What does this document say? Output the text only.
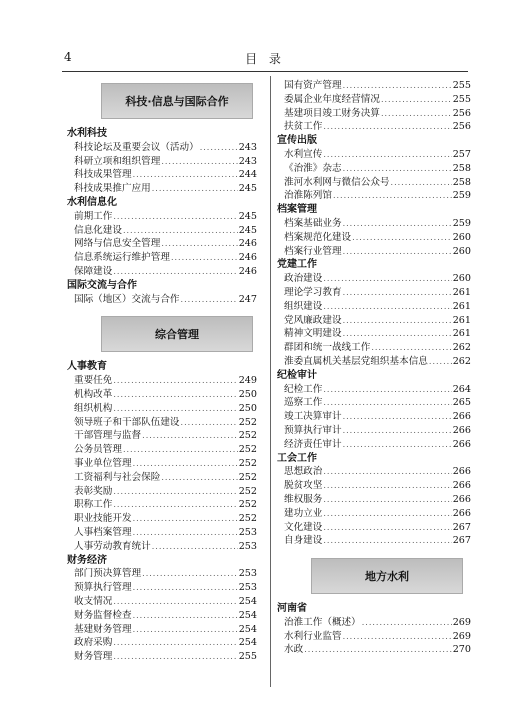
4	目 录
科技·信息与国际合作
水利科技
科技论坛及重要会议（活动） .....	243
科研立项和组织管理 .....	243
科技成果管理 .....	244
科技成果推广应用 .....	245
水利信息化
前期工作 .....	245
信息化建设 .....	245
网络与信息安全管理 .....	246
信息系统运行维护管理 .....	246
保障建设 .....	246
国际交流与合作
国际（地区）交流与合作 .....	247
综合管理
人事教育
重要任免 .....	249
机构改革 .....	250
组织机构 .....	250
领导班子和干部队伍建设 .....	252
干部管理与监督 .....	252
公务员管理 .....	252
事业单位管理 .....	252
工资福利与社会保险 .....	252
表彰奖励 .....	252
职称工作 .....	252
职业技能开发 .....	252
人事档案管理 .....	253
人事劳动教育统计 .....	253
财务经济
部门预决算管理 .....	253
预算执行管理 .....	253
收支情况 .....	254
财务监督检查 .....	254
基建财务管理 .....	254
政府采购 .....	254
财务管理 .....	255
国有资产管理 .....	255
委属企业年度经营情况 .....	255
基建项目竣工财务决算 .....	256
扶贫工作 .....	256
宣传出版
水利宣传 .....	257
《治淮》杂志 .....	258
淮河水利网与微信公众号 .....	258
治淮陈列馆 .....	259
档案管理
档案基础业务 .....	259
档案规范化建设 .....	260
档案行业管理 .....	260
党建工作
政治建设 .....	260
理论学习教育 .....	261
组织建设 .....	261
党风廉政建设 .....	261
精神文明建设 .....	261
群团和统一战线工作 .....	262
淮委直属机关基层党组织基本信息 .....	262
纪检审计
纪检工作 .....	264
巡察工作 .....	265
竣工决算审计 .....	266
预算执行审计 .....	266
经济责任审计 .....	266
工会工作
思想政治 .....	266
脱贫攻坚 .....	266
维权服务 .....	266
建功立业 .....	266
文化建设 .....	267
自身建设 .....	267
地方水利
河南省
治淮工作（概述） .....	269
水利行业监管 .....	269
水政 .....	270
